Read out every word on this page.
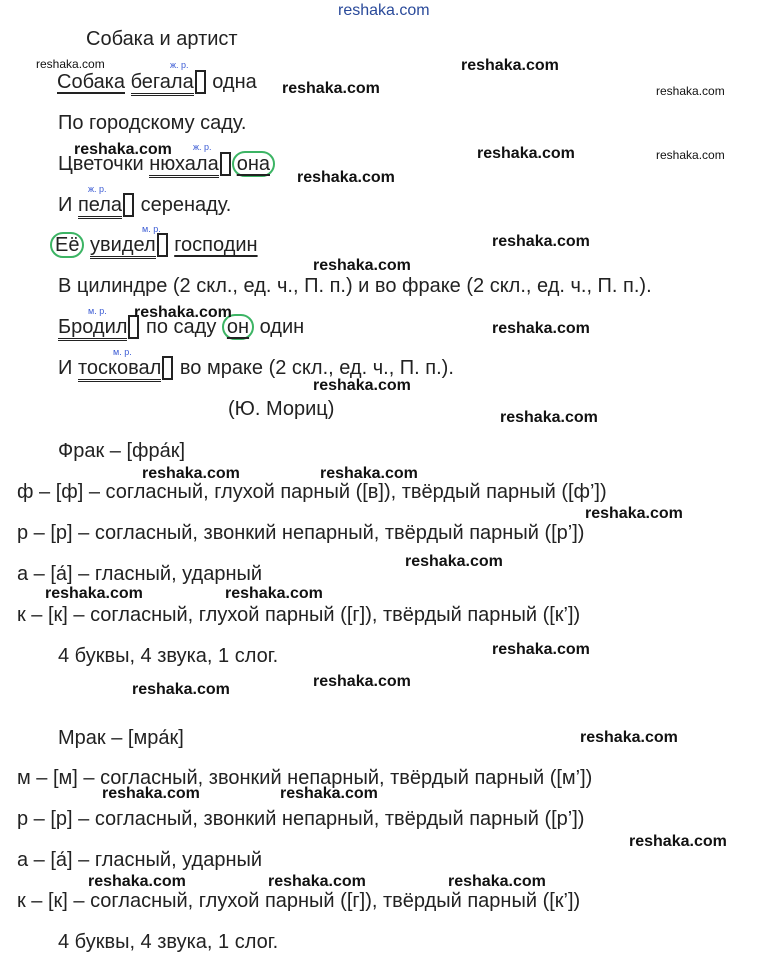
reshaka.com
Собака и артист
ж. р.
Собака бегала одна
По городскому саду.
ж. р.
Цветочки нюхала она
ж. р.
И пела серенаду.
м. р.
Её увидел господин
В цилиндре (2 скл., ед. ч., П. п.) и во фраке (2 скл., ед. ч., П. п.).
м. р.
Бродил по саду он один
м. р.
И тосковал во мраке (2 скл., ед. ч., П. п.).
(Ю. Мориц)
Фрак – [фра́к]
ф – [ф] – согласный, глухой парный ([в]), твёрдый парный ([ф’])
р – [р] – согласный, звонкий непарный, твёрдый парный ([р’])
а – [а́] – гласный, ударный
к – [к] – согласный, глухой парный ([г]), твёрдый парный ([к’])
4 буквы, 4 звука, 1 слог.
Мрак – [мра́к]
м – [м] – согласный, звонкий непарный, твёрдый парный ([м’])
р – [р] – согласный, звонкий непарный, твёрдый парный ([р’])
а – [а́] – гласный, ударный
к – [к] – согласный, глухой парный ([г]), твёрдый парный ([к’])
4 буквы, 4 звука, 1 слог.
reshaka.com	reshaka.com
reshaka.com	reshaka.com
reshaka.com	reshaka.com	reshaka.com
reshaka.com
reshaka.com
reshaka.com
reshaka.com
reshaka.com
reshaka.com
reshaka.com
reshaka.com	reshaka.com
reshaka.com
reshaka.com
reshaka.com	reshaka.com
reshaka.com
reshaka.com
reshaka.com
reshaka.com
reshaka.com	reshaka.com
reshaka.com
reshaka.com	reshaka.com	reshaka.com
